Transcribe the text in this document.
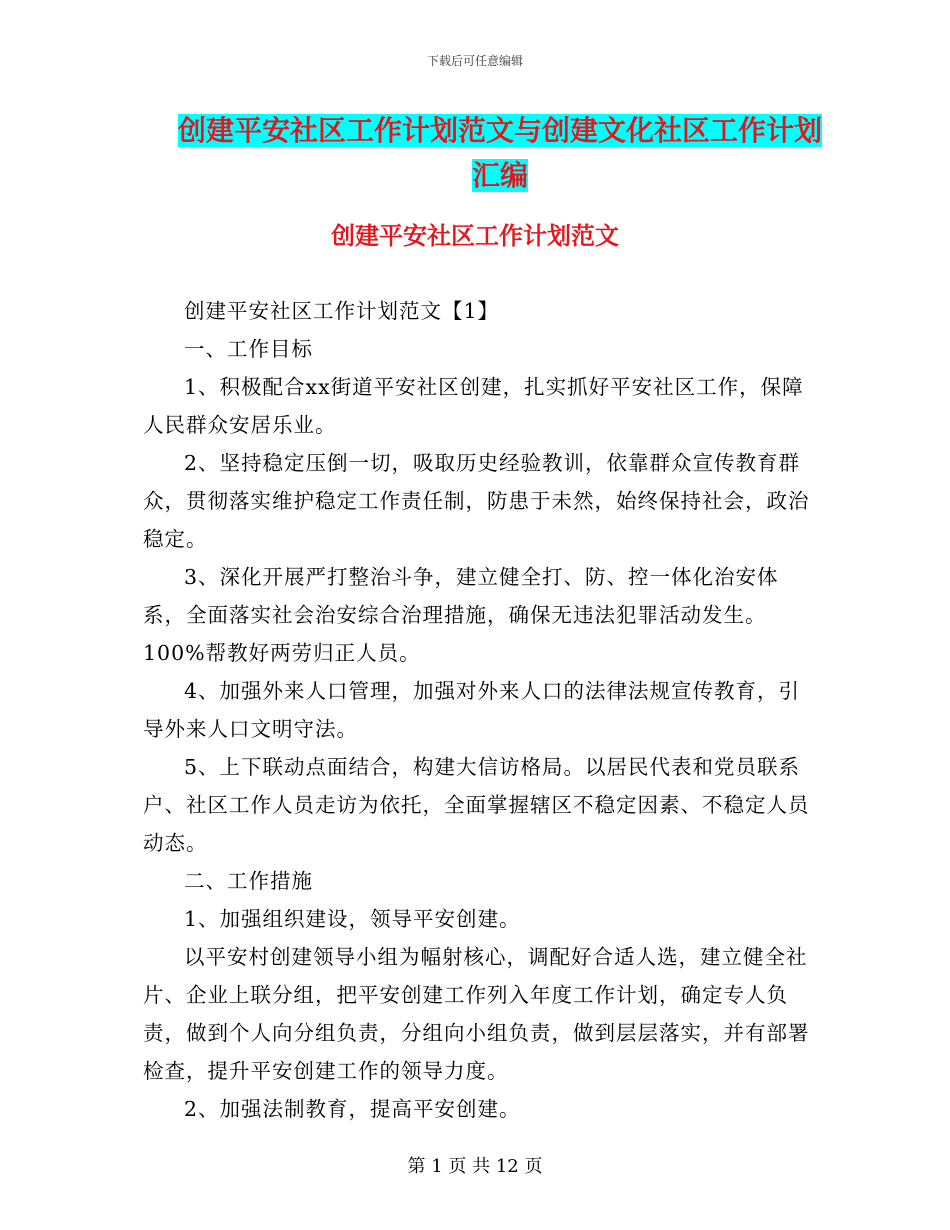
下载后可任意编辑
创建平安社区工作计划范文与创建文化社区工作计划
汇编
创建平安社区工作计划范文

创建平安社区工作计划范文【1】

一、工作目标

1、积极配合xx街道平安社区创建，扎实抓好平安社区工作，保障人民群众安居乐业。

2、坚持稳定压倒一切，吸取历史经验教训，依靠群众宣传教育群众，贯彻落实维护稳定工作责任制，防患于未然，始终保持社会，政治稳定。

3、深化开展严打整治斗争，建立健全打、防、控一体化治安体系，全面落实社会治安综合治理措施，确保无违法犯罪活动发生。100%帮教好两劳归正人员。

4、加强外来人口管理，加强对外来人口的法律法规宣传教育，引导外来人口文明守法。

5、上下联动点面结合，构建大信访格局。以居民代表和党员联系户、社区工作人员走访为依托，全面掌握辖区不稳定因素、不稳定人员动态。

二、工作措施

1、加强组织建设，领导平安创建。

以平安村创建领导小组为幅射核心，调配好合适人选，建立健全社片、企业上联分组，把平安创建工作列入年度工作计划，确定专人负责，做到个人向分组负责，分组向小组负责，做到层层落实，并有部署检查，提升平安创建工作的领导力度。

2、加强法制教育，提高平安创建。

第 1 页 共 12 页
